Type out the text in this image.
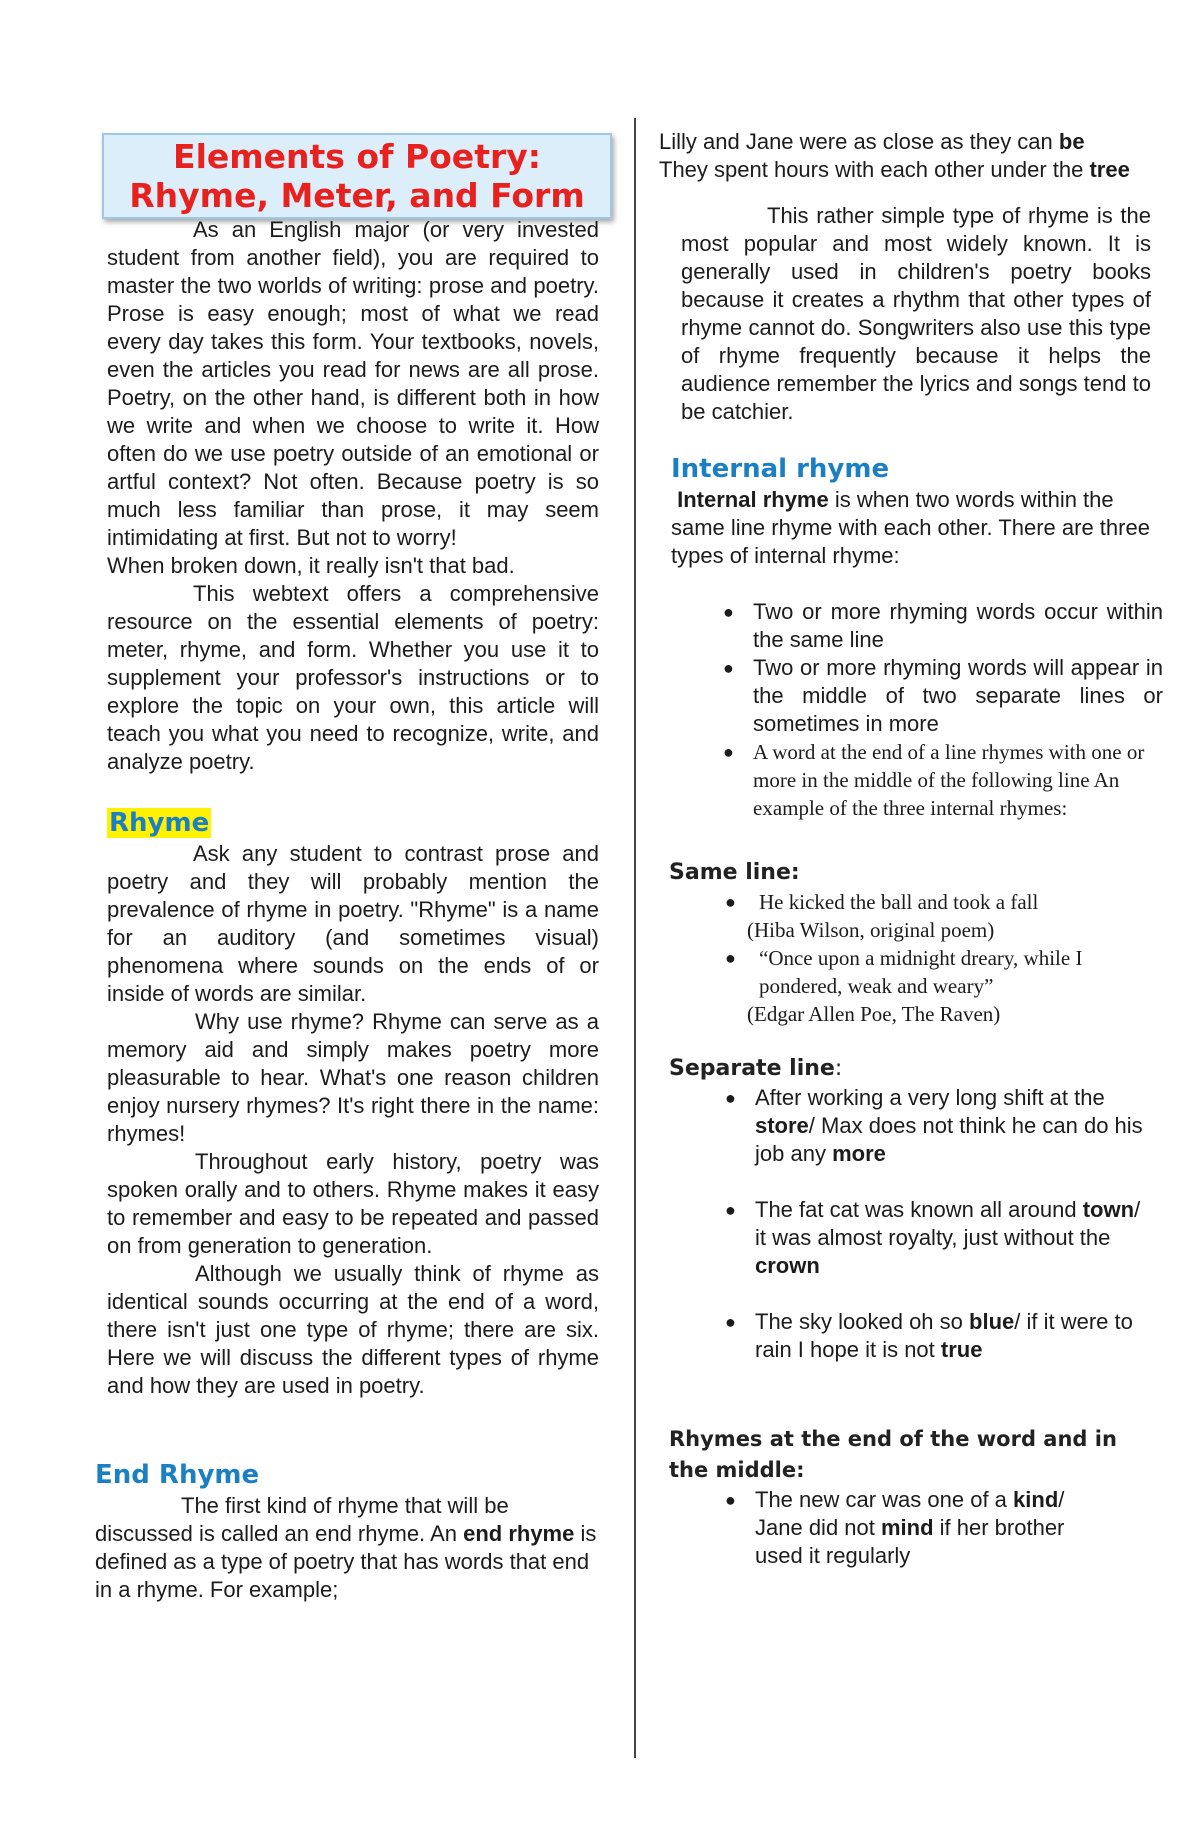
Elements of Poetry:
Rhyme, Meter, and Form

As an English major (or very invested student from another field), you are required to master the two worlds of writing: prose and poetry. Prose is easy enough; most of what we read every day takes this form. Your textbooks, novels, even the articles you read for news are all prose. Poetry, on the other hand, is different both in how we write and when we choose to write it. How often do we use poetry outside of an emotional or artful context? Not often. Because poetry is so much less familiar than prose, it may seem intimidating at first. But not to worry!

When broken down, it really isn't that bad.

This webtext offers a comprehensive resource on the essential elements of poetry: meter, rhyme, and form. Whether you use it to supplement your professor's instructions or to explore the topic on your own, this article will teach you what you need to recognize, write, and analyze poetry.

Rhyme

Ask any student to contrast prose and poetry and they will probably mention the prevalence of rhyme in poetry. "Rhyme" is a name for an auditory (and sometimes visual) phenomena where sounds on the ends of or inside of words are similar.

Why use rhyme? Rhyme can serve as a memory aid and simply makes poetry more pleasurable to hear. What's one reason children enjoy nursery rhymes? It's right there in the name: rhymes!

Throughout early history, poetry was spoken orally and to others. Rhyme makes it easy to remember and easy to be repeated and passed on from generation to generation.

Although we usually think of rhyme as identical sounds occurring at the end of a word, there isn't just one type of rhyme; there are six. Here we will discuss the different types of rhyme and how they are used in poetry.

End Rhyme

The first kind of rhyme that will be discussed is called an end rhyme. An end rhyme is defined as a type of poetry that has words that end in a rhyme. For example;

Lilly and Jane were as close as they can be

They spent hours with each other under the tree

This rather simple type of rhyme is the most popular and most widely known. It is generally used in children's poetry books because it creates a rhythm that other types of rhyme cannot do. Songwriters also use this type of rhyme frequently because it helps the audience remember the lyrics and songs tend to be catchier.

Internal rhyme

Internal rhyme is when two words within the same line rhyme with each other. There are three types of internal rhyme:

● Two or more rhyming words occur within the same line
● Two or more rhyming words will appear in the middle of two separate lines or sometimes in more
● A word at the end of a line rhymes with one or more in the middle of the following line An example of the three internal rhymes:
Same line:
● He kicked the ball and took a fall
(Hiba Wilson, original poem)
● “Once upon a midnight dreary, while I pondered, weak and weary”
(Edgar Allen Poe, The Raven)
Separate line:
● After working a very long shift at the store/ Max does not think he can do his job any more
● The fat cat was known all around town/ it was almost royalty, just without the crown
● The sky looked oh so blue/ if it were to rain I hope it is not true
Rhymes at the end of the word and in the middle:
● The new car was one of a kind/ Jane did not mind if her brother used it regularly
